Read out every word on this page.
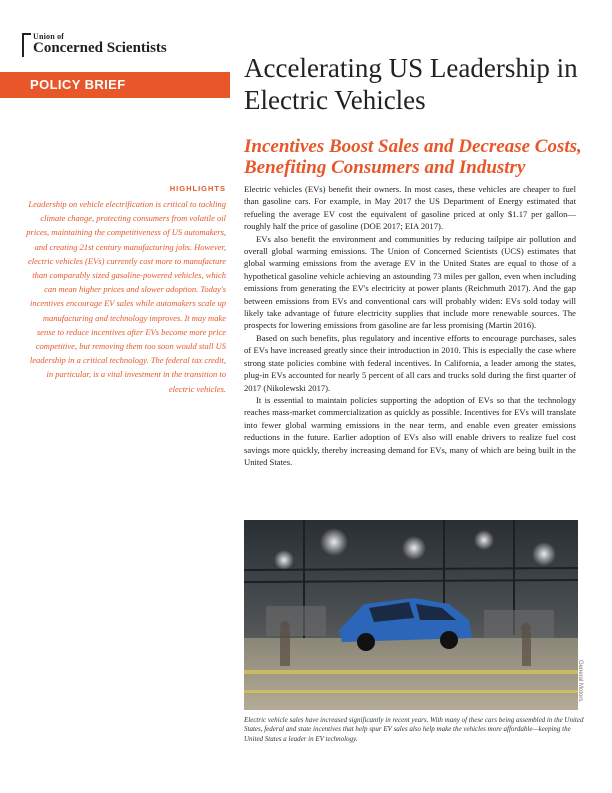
Union of
Concerned Scientists
POLICY BRIEF
Accelerating US Leadership in Electric Vehicles
Incentives Boost Sales and Decrease Costs, Benefiting Consumers and Industry
HIGHLIGHTS

Leadership on vehicle electrification is critical to tackling climate change, protecting consumers from volatile oil prices, maintaining the competitiveness of US automakers, and creating 21st century manufacturing jobs. However, electric vehicles (EVs) currently cost more to manufacture than comparably sized gasoline-powered vehicles, which can mean higher prices and slower adoption. Today's incentives encourage EV sales while automakers scale up manufacturing and technology improves. It may make sense to reduce incentives after EVs become more price competitive, but removing them too soon would stall US leadership in a critical technology. The federal tax credit, in particular, is a vital investment in the transition to electric vehicles.

Electric vehicles (EVs) benefit their owners. In most cases, these vehicles are cheaper to fuel than gasoline cars. For example, in May 2017 the US Department of Energy estimated that refueling the average EV cost the equivalent of gasoline priced at only $1.17 per gallon—roughly half the price of gasoline (DOE 2017; EIA 2017).

EVs also benefit the environment and communities by reducing tailpipe air pollution and overall global warming emissions. The Union of Concerned Scientists (UCS) estimates that global warming emissions from the average EV in the United States are equal to those of a hypothetical gasoline vehicle achieving an astounding 73 miles per gallon, even when including emissions from generating the EV's electricity at power plants (Reichmuth 2017). And the gap between emissions from EVs and conventional cars will probably widen: EVs sold today will likely take advantage of future electricity supplies that include more renewable sources. The prospects for lowering emissions from gasoline are far less promising (Martin 2016).

Based on such benefits, plus regulatory and incentive efforts to encourage purchases, sales of EVs have increased greatly since their introduction in 2010. This is especially the case where strong state policies combine with federal incentives. In California, a leader among the states, plug-in EVs accounted for nearly 5 percent of all cars and trucks sold during the first quarter of 2017 (Nikolewski 2017).

It is essential to maintain policies supporting the adoption of EVs so that the technology reaches mass-market commercialization as quickly as possible. Incentives for EVs will translate into fewer global warming emissions in the near term, and enable even greater emissions reductions in the future. Earlier adoption of EVs also will enable drivers to realize fuel cost savings more quickly, thereby increasing demand for EVs, many of which are being built in the United States.

General Motors

Electric vehicle sales have increased significantly in recent years. With many of these cars being assembled in the United States, federal and state incentives that help spur EV sales also help make the vehicles more affordable—keeping the United States a leader in EV technology.
